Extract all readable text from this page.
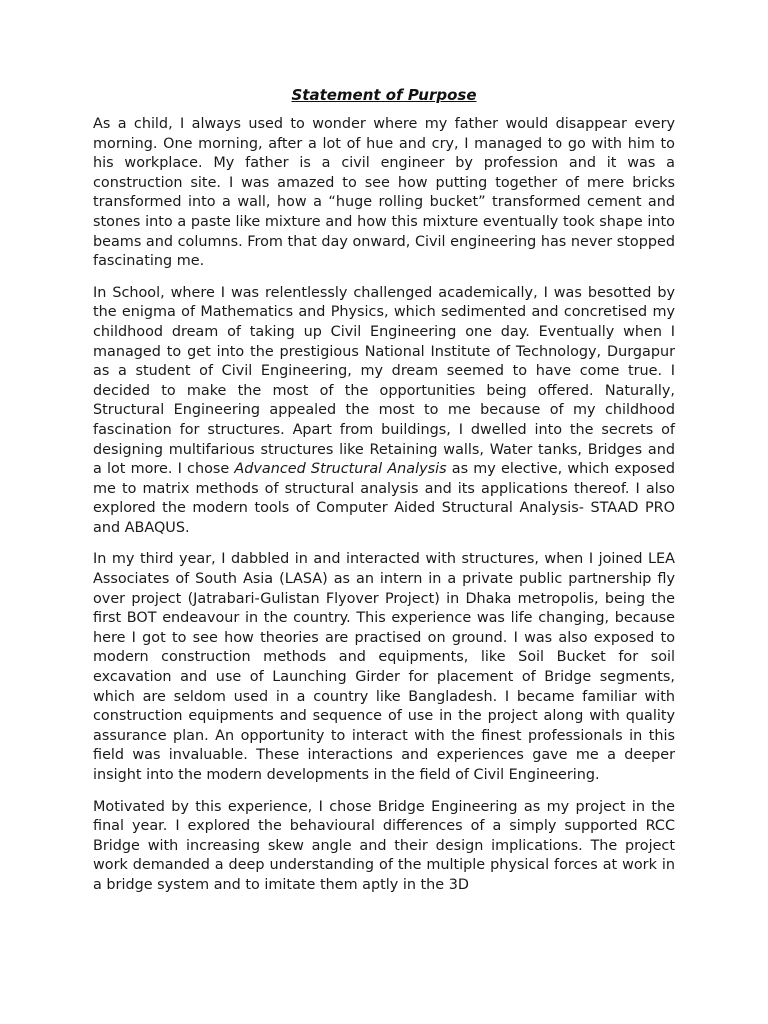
Statement of Purpose

As a child, I always used to wonder where my father would disappear every morning. One morning, after a lot of hue and cry, I managed to go with him to his workplace. My father is a civil engineer by profession and it was a construction site. I was amazed to see how putting together of mere bricks transformed into a wall, how a “huge rolling bucket” transformed cement and stones into a paste like mixture and how this mixture eventually took shape into beams and columns. From that day onward, Civil engineering has never stopped fascinating me.

In School, where I was relentlessly challenged academically, I was besotted by the enigma of Mathematics and Physics, which sedimented and concretised my childhood dream of taking up Civil Engineering one day. Eventually when I managed to get into the prestigious National Institute of Technology, Durgapur as a student of Civil Engineering, my dream seemed to have come true. I decided to make the most of the opportunities being offered. Naturally, Structural Engineering appealed the most to me because of my childhood fascination for structures. Apart from buildings, I dwelled into the secrets of designing multifarious structures like Retaining walls, Water tanks, Bridges and a lot more. I chose Advanced Structural Analysis as my elective, which exposed me to matrix methods of structural analysis and its applications thereof. I also explored the modern tools of Computer Aided Structural Analysis- STAAD PRO and ABAQUS.

In my third year, I dabbled in and interacted with structures, when I joined LEA Associates of South Asia (LASA) as an intern in a private public partnership fly over project (Jatrabari-Gulistan Flyover Project) in Dhaka metropolis, being the first BOT endeavour in the country. This experience was life changing, because here I got to see how theories are practised on ground. I was also exposed to modern construction methods and equipments, like Soil Bucket for soil excavation and use of Launching Girder for placement of Bridge segments, which are seldom used in a country like Bangladesh. I became familiar with construction equipments and sequence of use in the project along with quality assurance plan. An opportunity to interact with the finest professionals in this field was invaluable. These interactions and experiences gave me a deeper insight into the modern developments in the field of Civil Engineering.

Motivated by this experience, I chose Bridge Engineering as my project in the final year. I explored the behavioural differences of a simply supported RCC Bridge with increasing skew angle and their design implications. The project work demanded a deep understanding of the multiple physical forces at work in a bridge system and to imitate them aptly in the 3D
